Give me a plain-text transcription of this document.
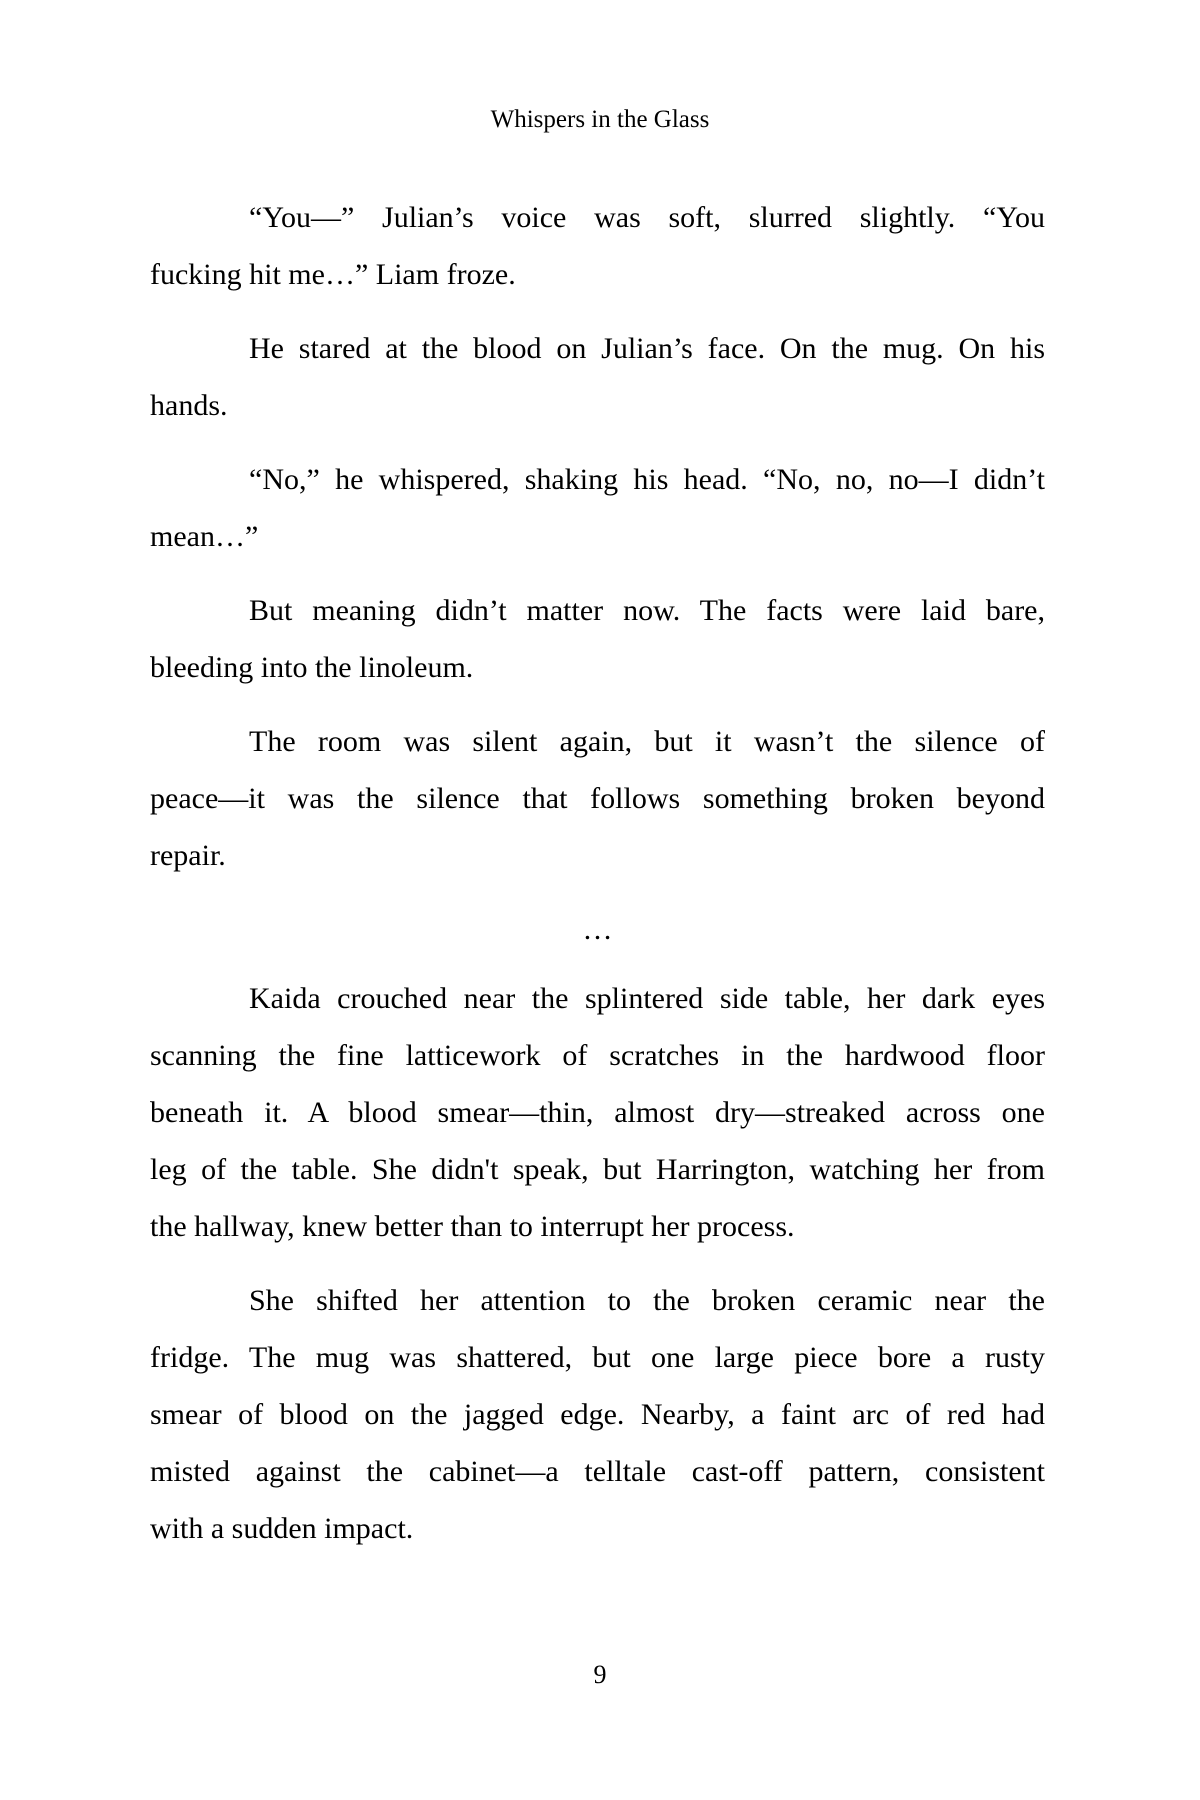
Whispers in the Glass

“You—” Julian’s voice was soft, slurred slightly. “You
fucking hit me…” Liam froze.

He stared at the blood on Julian’s face. On the mug. On his
hands.

“No,” he whispered, shaking his head. “No, no, no—I didn’t
mean…”

But meaning didn’t matter now. The facts were laid bare,
bleeding into the linoleum.

The room was silent again, but it wasn’t the silence of
peace—it was the silence that follows something broken beyond
repair.

…

Kaida crouched near the splintered side table, her dark eyes
scanning the fine latticework of scratches in the hardwood floor
beneath it. A blood smear—thin, almost dry—streaked across one
leg of the table. She didn't speak, but Harrington, watching her from
the hallway, knew better than to interrupt her process.

She shifted her attention to the broken ceramic near the
fridge. The mug was shattered, but one large piece bore a rusty
smear of blood on the jagged edge. Nearby, a faint arc of red had
misted against the cabinet—a telltale cast-off pattern, consistent
with a sudden impact.

9
